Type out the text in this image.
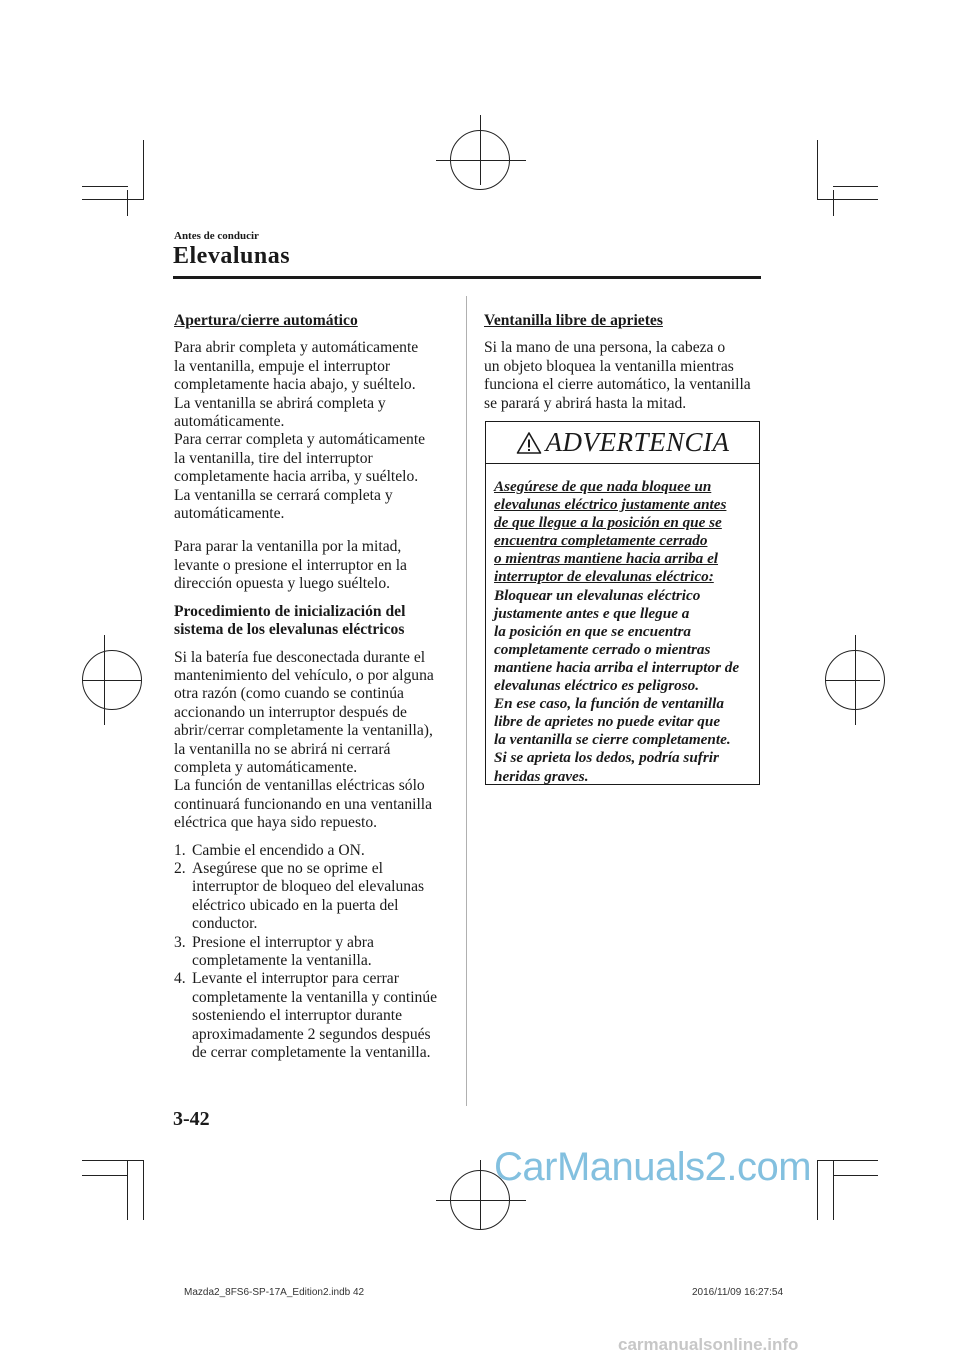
Antes de conducir
Elevalunas
Apertura/cierre automático

Para abrir completa y automáticamente
la ventanilla, empuje el interruptor
completamente hacia abajo, y suéltelo.
La ventanilla se abrirá completa y
automáticamente.
Para cerrar completa y automáticamente
la ventanilla, tire del interruptor
completamente hacia arriba, y suéltelo.
La ventanilla se cerrará completa y
automáticamente.

Para parar la ventanilla por la mitad,
levante o presione el interruptor en la
dirección opuesta y luego suéltelo.

Procedimiento de inicialización del
sistema de los elevalunas eléctricos

Si la batería fue desconectada durante el
mantenimiento del vehículo, o por alguna
otra razón (como cuando se continúa
accionando un interruptor después de
abrir/cerrar completamente la ventanilla),
la ventanilla no se abrirá ni cerrará
completa y automáticamente.
La función de ventanillas eléctricas sólo
continuará funcionando en una ventanilla
eléctrica que haya sido repuesto.

1. Cambie el encendido a ON.
2. Asegúrese que no se oprime el
interruptor de bloqueo del elevalunas
eléctrico ubicado en la puerta del
conductor.
3. Presione el interruptor y abra
completamente la ventanilla.
4. Levante el interruptor para cerrar
completamente la ventanilla y continúe
sosteniendo el interruptor durante
aproximadamente 2 segundos después
de cerrar completamente la ventanilla.
Ventanilla libre de aprietes

Si la mano de una persona, la cabeza o
un objeto bloquea la ventanilla mientras
funciona el cierre automático, la ventanilla
se parará y abrirá hasta la mitad.

ADVERTENCIA
Asegúrese de que nada bloquee un
elevalunas eléctrico justamente antes
de que llegue a la posición en que se
encuentra completamente cerrado
o mientras mantiene hacia arriba el
interruptor de elevalunas eléctrico:
Bloquear un elevalunas eléctrico
justamente antes e que llegue a
la posición en que se encuentra
completamente cerrado o mientras
mantiene hacia arriba el interruptor de
elevalunas eléctrico es peligroso.
En ese caso, la función de ventanilla
libre de aprietes no puede evitar que
la ventanilla se cierre completamente.
Si se aprieta los dedos, podría sufrir
heridas graves.
3-42
Mazda2_8FS6-SP-17A_Edition2.indb 42	2016/11/09 16:27:54
CarManuals2.com
carmanualsonline.info
